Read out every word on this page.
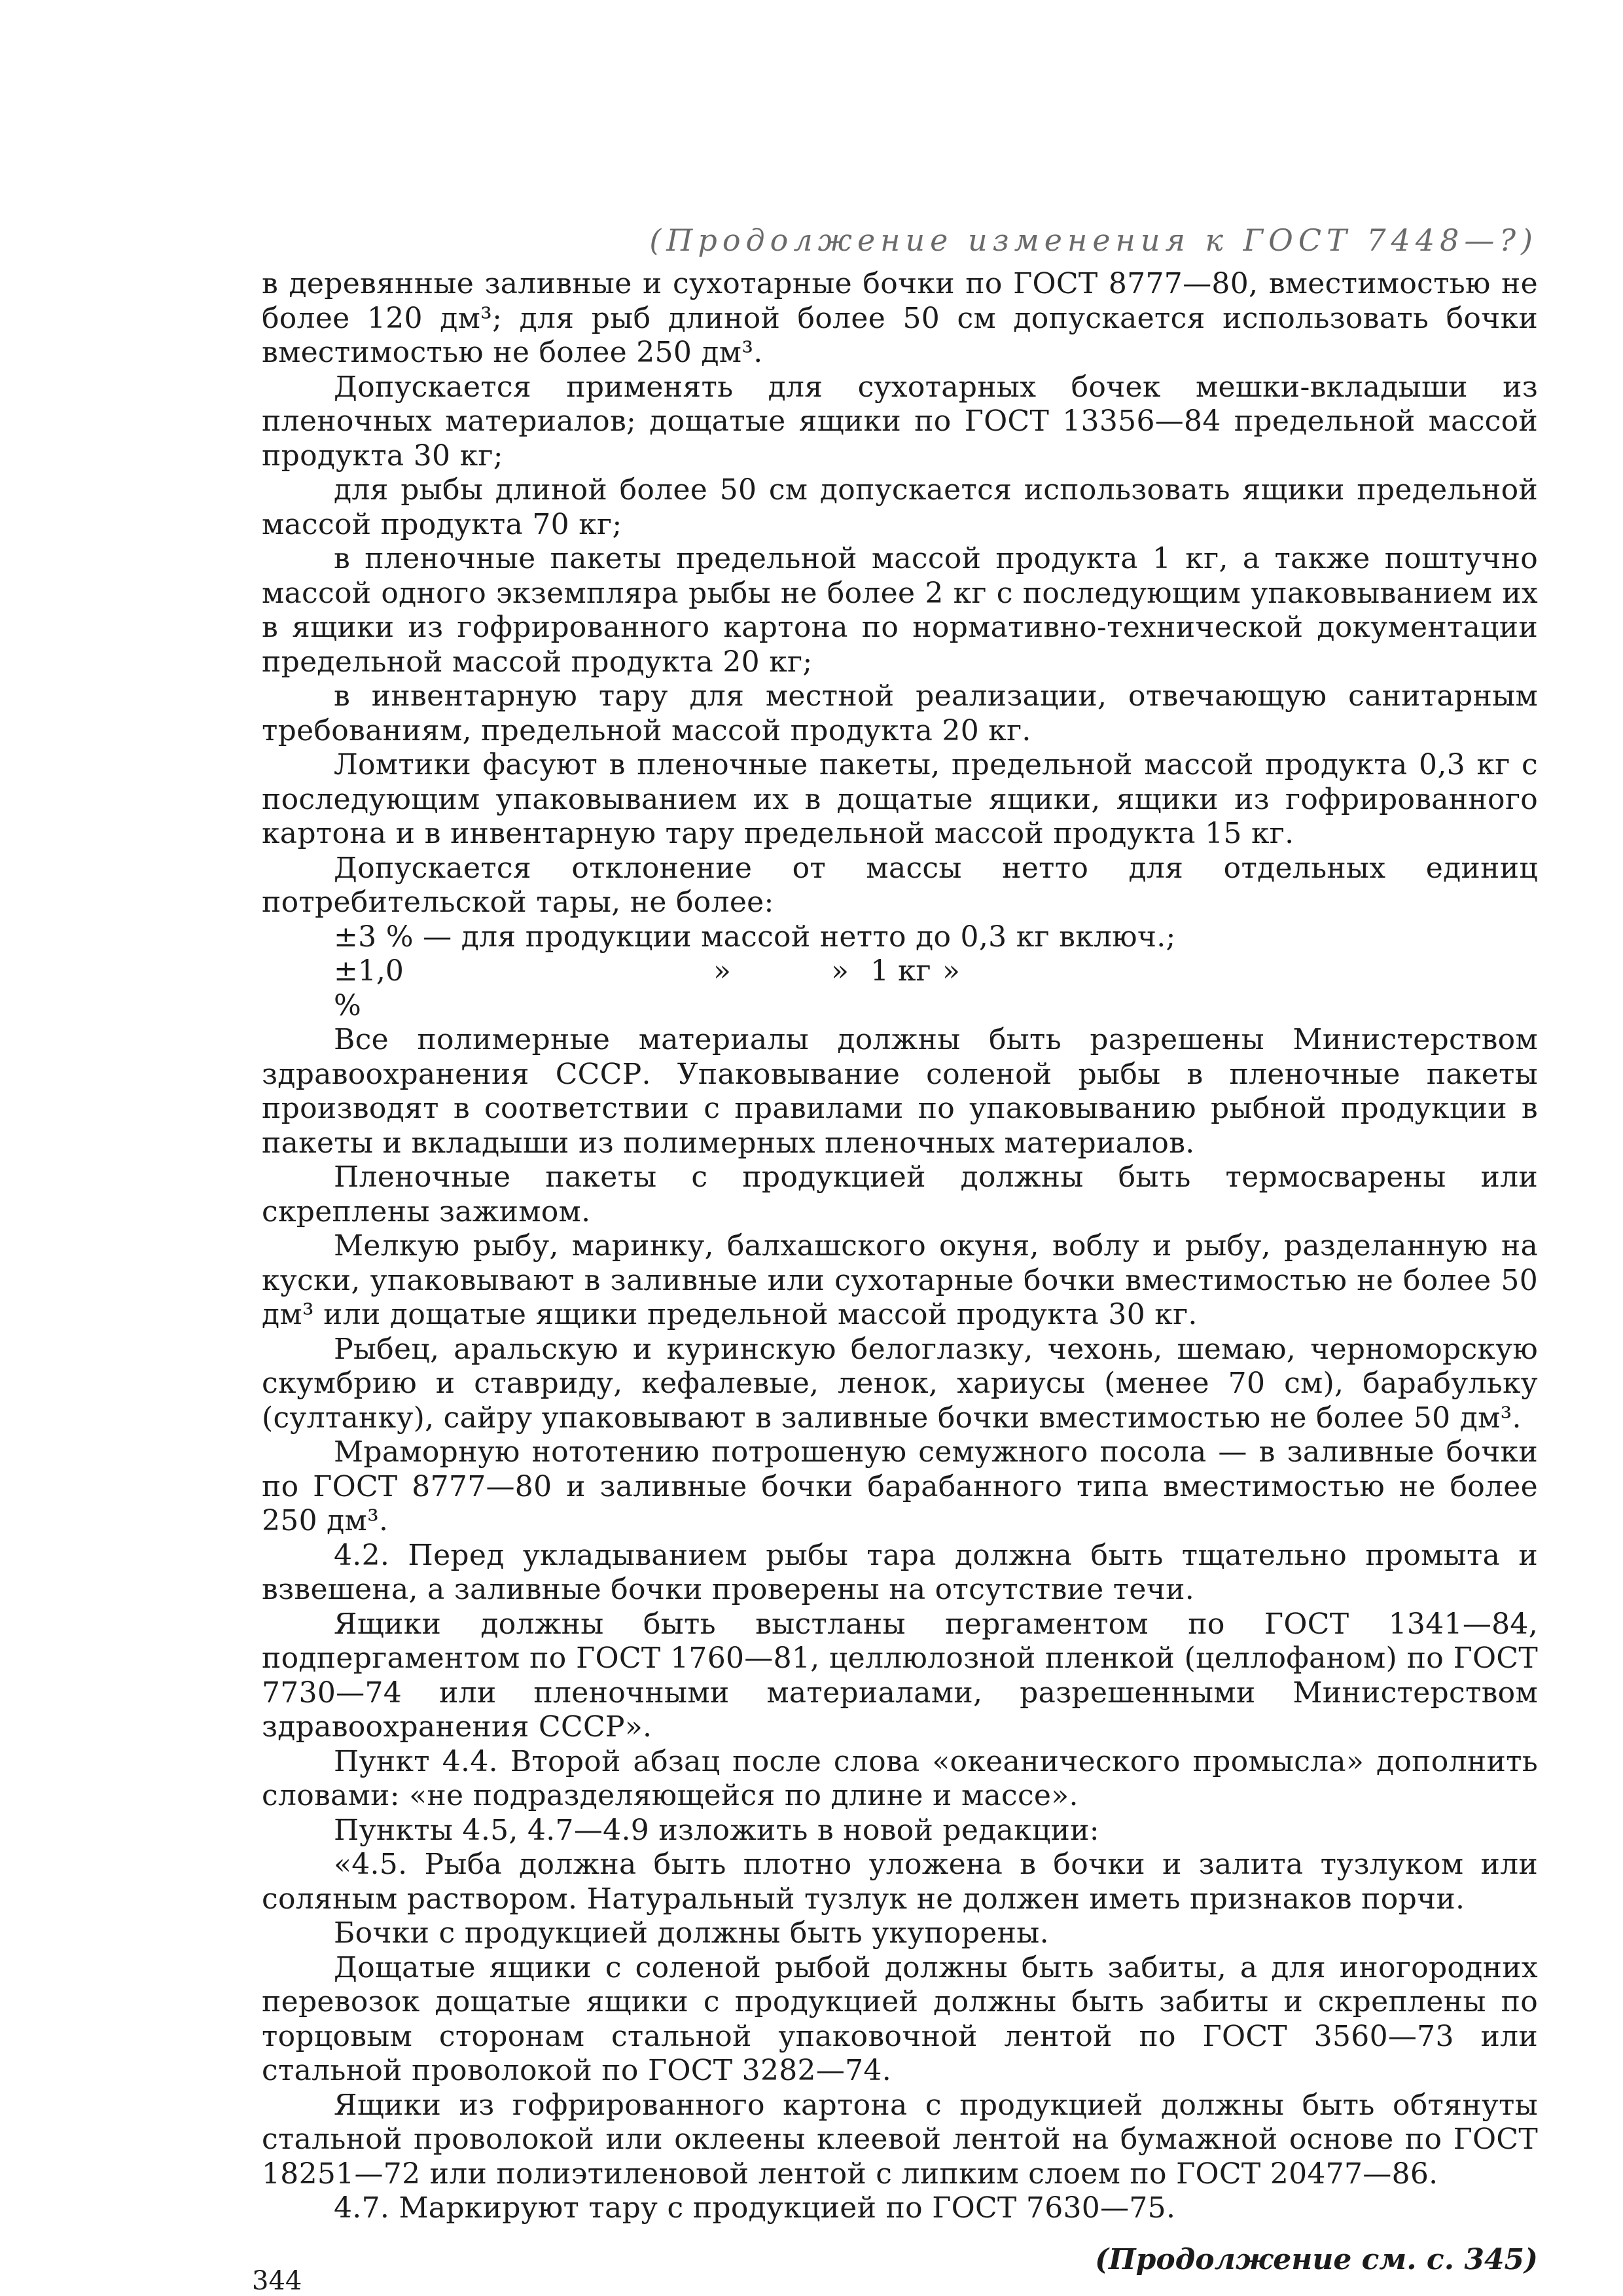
(Продолжение изменения к ГОСТ 7448—?)

в деревянные заливные и сухотарные бочки по ГОСТ 8777—80, вместимостью не более 120 дм³; для рыб длиной более 50 см допускается использовать бочки вместимостью не более 250 дм³.

Допускается применять для сухотарных бочек мешки-вкладыши из пленочных материалов; дощатые ящики по ГОСТ 13356—84 предельной массой продукта 30 кг;

для рыбы длиной более 50 см допускается использовать ящики предельной массой продукта 70 кг;

в пленочные пакеты предельной массой продукта 1 кг, а также поштучно массой одного экземпляра рыбы не более 2 кг с последующим упаковыванием их в ящики из гофрированного картона по нормативно-технической документации предельной массой продукта 20 кг;

в инвентарную тару для местной реализации, отвечающую санитарным требованиям, предельной массой продукта 20 кг.

Ломтики фасуют в пленочные пакеты, предельной массой продукта 0,3 кг с последующим упаковыванием их в дощатые ящики, ящики из гофрированного картона и в инвентарную тару предельной массой продукта 15 кг.

Допускается отклонение от массы нетто для отдельных единиц потребительской тары, не более:

±3 % — для продукции массой нетто до 0,3 кг включ.;

±1,0 %
»	» 1 кг »

Все полимерные материалы должны быть разрешены Министерством здравоохранения СССР. Упаковывание соленой рыбы в пленочные пакеты производят в соответствии с правилами по упаковыванию рыбной продукции в пакеты и вкладыши из полимерных пленочных материалов.

Пленочные пакеты с продукцией должны быть термосварены или скреплены зажимом.

Мелкую рыбу, маринку, балхашского окуня, воблу и рыбу, разделанную на куски, упаковывают в заливные или сухотарные бочки вместимостью не более 50 дм³ или дощатые ящики предельной массой продукта 30 кг.

Рыбец, аральскую и куринскую белоглазку, чехонь, шемаю, черноморскую скумбрию и ставриду, кефалевые, ленок, хариусы (менее 70 см), барабульку (султанку), сайру упаковывают в заливные бочки вместимостью не более 50 дм³.

Мраморную нототению потрошеную семужного посола — в заливные бочки по ГОСТ 8777—80 и заливные бочки барабанного типа вместимостью не более 250 дм³.

4.2. Перед укладыванием рыбы тара должна быть тщательно промыта и взвешена, а заливные бочки проверены на отсутствие течи.

Ящики должны быть выстланы пергаментом по ГОСТ 1341—84, подпергаментом по ГОСТ 1760—81, целлюлозной пленкой (целлофаном) по ГОСТ 7730—74 или пленочными материалами, разрешенными Министерством здравоохранения СССР».

Пункт 4.4. Второй абзац после слова «океанического промысла» дополнить словами: «не подразделяющейся по длине и массе».

Пункты 4.5, 4.7—4.9 изложить в новой редакции:

«4.5. Рыба должна быть плотно уложена в бочки и залита тузлуком или соляным раствором. Натуральный тузлук не должен иметь признаков порчи.

Бочки с продукцией должны быть укупорены.

Дощатые ящики с соленой рыбой должны быть забиты, а для иногородних перевозок дощатые ящики с продукцией должны быть забиты и скреплены по торцовым сторонам стальной упаковочной лентой по ГОСТ 3560—73 или стальной проволокой по ГОСТ 3282—74.

Ящики из гофрированного картона с продукцией должны быть обтянуты стальной проволокой или оклеены клеевой лентой на бумажной основе по ГОСТ 18251—72 или полиэтиленовой лентой с липким слоем по ГОСТ 20477—86.

4.7. Маркируют тару с продукцией по ГОСТ 7630—75.

(Продолжение см. с. 345)
344
